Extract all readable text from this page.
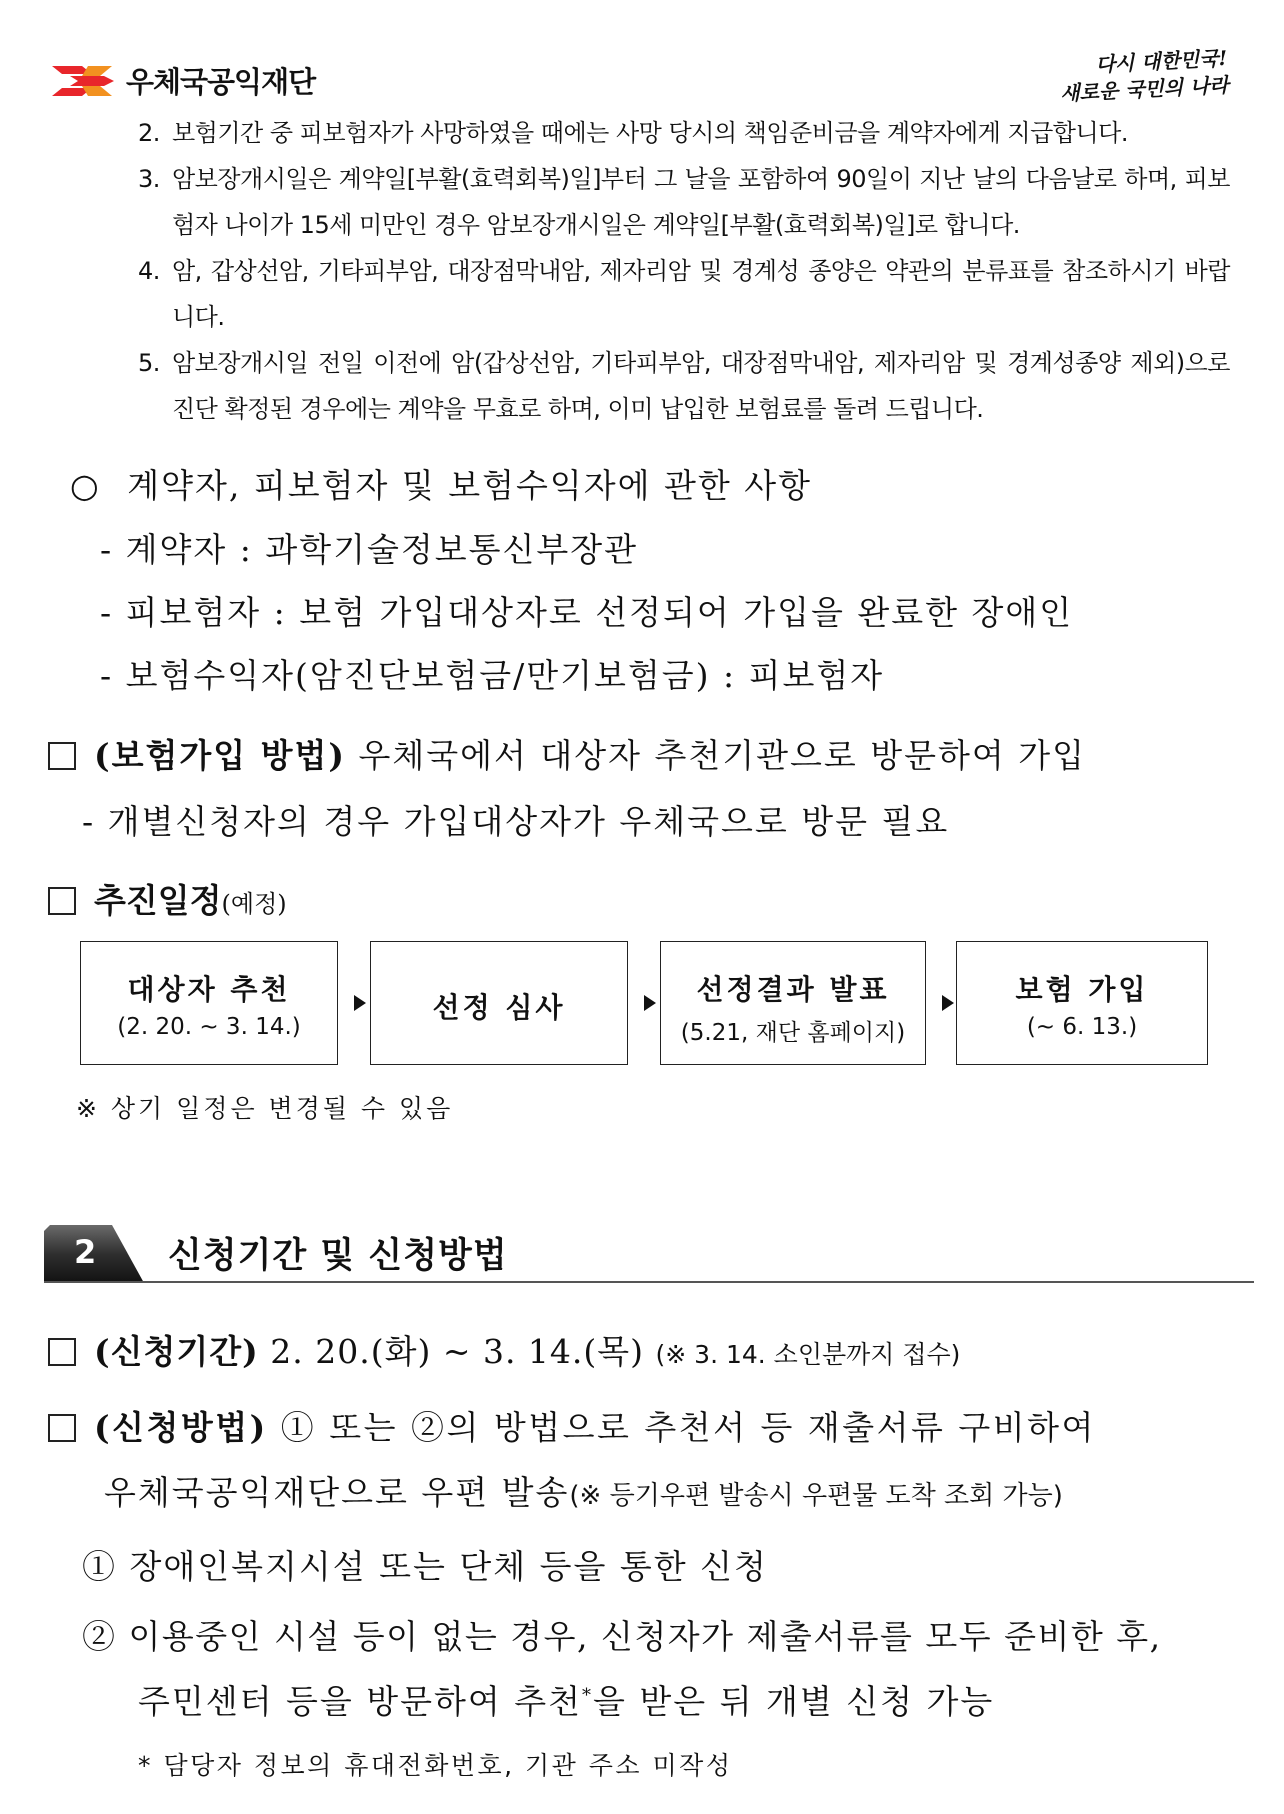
우체국공익재단
다시 대한민국!
새로운 국민의 나라
2. 보험기간 중 피보험자가 사망하였을 때에는 사망 당시의 책임준비금을 계약자에게 지급합니다.
3. 암보장개시일은 계약일[부활(효력회복)일]부터 그 날을 포함하여 90일이 지난 날의 다음날로 하며, 피보험자 나이가 15세 미만인 경우 암보장개시일은 계약일[부활(효력회복)일]로 합니다.
4. 암, 갑상선암, 기타피부암, 대장점막내암, 제자리암 및 경계성 종양은 약관의 분류표를 참조하시기 바랍니다.
5. 암보장개시일 전일 이전에 암(갑상선암, 기타피부암, 대장점막내암, 제자리암 및 경계성종양 제외)으로 진단 확정된 경우에는 계약을 무효로 하며, 이미 납입한 보험료를 돌려 드립니다.
○ 계약자, 피보험자 및 보험수익자에 관한 사항
- 계약자 : 과학기술정보통신부장관
- 피보험자 : 보험 가입대상자로 선정되어 가입을 완료한 장애인
- 보험수익자(암진단보험금/만기보험금) : 피보험자
(보험가입 방법) 우체국에서 대상자 추천기관으로 방문하여 가입
- 개별신청자의 경우 가입대상자가 우체국으로 방문 필요
추진일정(예정)
대상자 추천
(2. 20. ~ 3. 14.)
선정 심사
선정결과 발표
(5.21, 재단 홈페이지)
보험 가입
(~ 6. 13.)
※ 상기 일정은 변경될 수 있음
2 신청기간 및 신청방법
(신청기간) 2. 20.(화) ~ 3. 14.(목) (※ 3. 14. 소인분까지 접수)
(신청방법) ① 또는 ②의 방법으로 추천서 등 재출서류 구비하여
우체국공익재단으로 우편 발송(※ 등기우편 발송시 우편물 도착 조회 가능)
① 장애인복지시설 또는 단체 등을 통한 신청
② 이용중인 시설 등이 없는 경우, 신청자가 제출서류를 모두 준비한 후,
주민센터 등을 방문하여 추천*을 받은 뒤 개별 신청 가능
* 담당자 정보의 휴대전화번호, 기관 주소 미작성
